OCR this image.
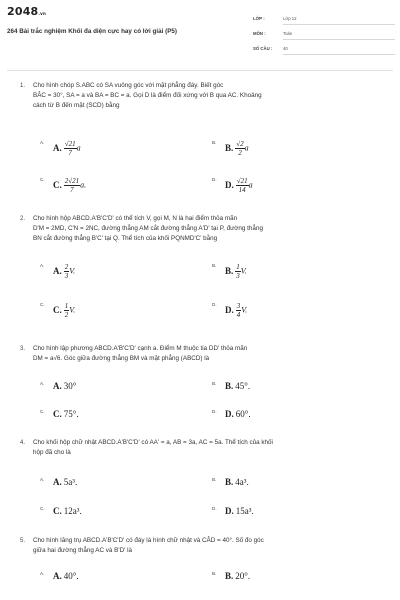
2048.vn
264 Bài trắc nghiệm Khối đa diện cực hay có lời giải (P5)
LỚP :	Lớp 12
MÔN :	Toán
SỐ CÂU : 40
1. Cho hình chóp S.ABC có SA vuông góc với mặt phẳng đáy. Biết góc
BÂC = 30°, SA = a và BA = BC = a. Gọi D là điểm đối xứng với B qua AC. Khoảng
cách từ B đến mặt (SCD) bằng
A.
A. $\frac{√21}{7}$ a
B.
B. $\frac{√2}{2}$ a
C.
C. $\frac{2√21}{7} a$.
D.
D. $\frac{√21}{14}$ a
2. Cho hình hộp ABCD.A'B'C'D' có thể tích V, gọi M, N là hai điểm thỏa mãn
D'M = 2MD, C'N = 2NC, đường thẳng AM cắt đường thẳng A'D' tại P, đường thẳng
BN cắt đường thẳng B'C' tại Q. Thể tích của khối PQNMD'C' bằng
A.
A. $\frac{2}{3} V$.
B.
B. $\frac{1}{3} V$.
C.
C. $\frac{1}{2} V$.
D.
D. $\frac{3}{4} V$.
3. Cho hình lập phương ABCD.A'B'C'D' cạnh a. Điểm M thuộc tia DD' thỏa mãn
DM = a√6. Góc giữa đường thẳng BM và mặt phẳng (ABCD) là
A. A. 30°	B. B. 45°.
C. C. 75°.	D. D. 60°.
4. Cho khối hộp chữ nhật ABCD.A'B'C'D' có AA' = a, AB = 3a, AC = 5a. Thể tích của khối
hộp đã cho là
A. A. 5a³.	B. B. 4a³.
C. C. 12a³.	D. D. 15a³.
5. Cho hình lăng trụ ABCD.A'B'C'D' có đáy là hình chữ nhật và CÂD = 40°. Số đo góc
giữa hai đường thẳng AC và B'D' là
A. A. 40°.	B. B. 20°.
